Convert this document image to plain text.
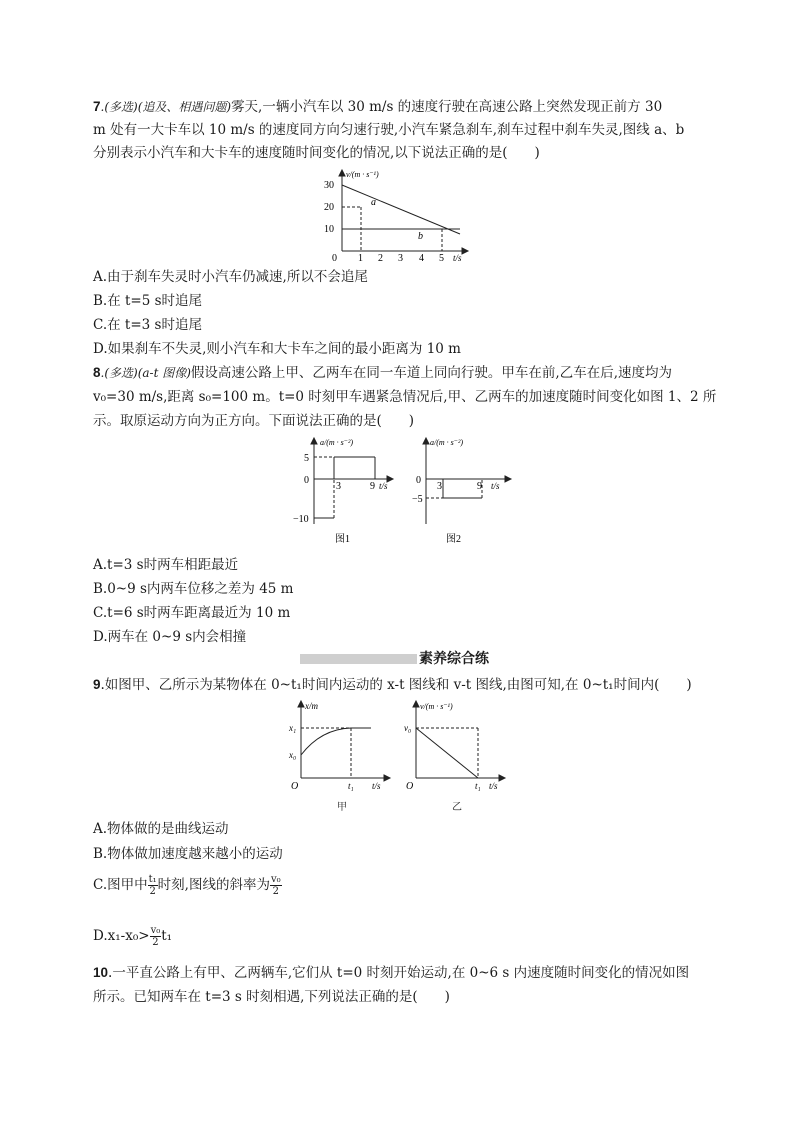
7.(多选)(追及、相遇问题)雾天,一辆小汽车以 30 m/s 的速度行驶在高速公路上突然发现正前方 30
m 处有一大卡车以 10 m/s 的速度同方向匀速行驶,小汽车紧急刹车,刹车过程中刹车失灵,图线 a、b
分别表示小汽车和大卡车的速度随时间变化的情况,以下说法正确的是(　　)
v/(m · s⁻¹)
30
20
10
0 1 2 3 4 5 t/s
a
b
A.由于刹车失灵时小汽车仍减速,所以不会追尾
B.在 t=5 s时追尾
C.在 t=3 s时追尾
D.如果刹车不失灵,则小汽车和大卡车之间的最小距离为 10 m
8.(多选)(a-t 图像)假设高速公路上甲、乙两车在同一车道上同向行驶。甲车在前,乙车在后,速度均为
v₀=30 m/s,距离 s₀=100 m。t=0 时刻甲车遇紧急情况后,甲、乙两车的加速度随时间变化如图 1、2 所
示。取原运动方向为正方向。下面说法正确的是(　　)
a/(m · s⁻²)
5
0
−10
3	9 t/s
图1
a/(m · s⁻²)
0
−5
3	9 t/s
图2
A.t=3 s时两车相距最近
B.0~9 s内两车位移之差为 45 m
C.t=6 s时两车距离最近为 10 m
D.两车在 0~9 s内会相撞
素养综合练
9.如图甲、乙所示为某物体在 0~t₁时间内运动的 x-t 图线和 v-t 图线,由图可知,在 0~t₁时间内(　　)
x/m
x₁
x₀
O	t₁ t/s
甲
v/(m · s⁻¹)
v₀
O	t₁ t/s
乙
A.物体做的是曲线运动
B.物体做加速度越来越小的运动
C.图甲中 $\frac{\text{t₁}}{2}$ 时刻,图线的斜率为 $\frac{\text{v₀}}{2}$
$D.x_1-x_0> \frac{\text{v₀}}{2} t_1$
10.一平直公路上有甲、乙两辆车,它们从 t=0 时刻开始运动,在 0~6 s 内速度随时间变化的情况如图
所示。已知两车在 t=3 s 时刻相遇,下列说法正确的是(　　)
